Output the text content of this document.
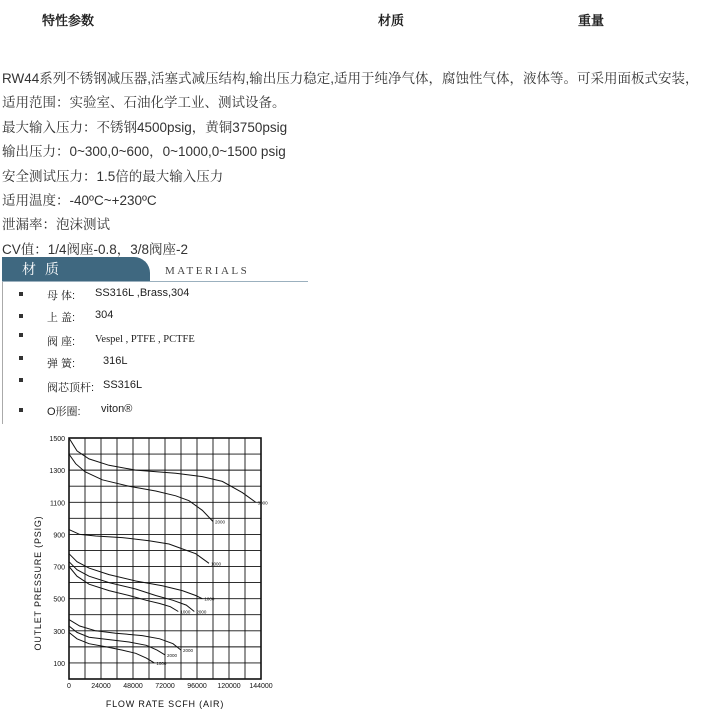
特性参数	材质	重量
RW44系列不锈钢减压器,活塞式减压结构,输出压力稳定,适用于纯净气体，腐蚀性气体，液体等。可采用面板式安装，
适用范围：实验室、石油化学工业、测试设备。
最大输入压力：不锈钢4500psig，黄铜3750psig
输出压力：0~300,0~600，0~1000,0~1500 psig
安全测试压力：1.5倍的最大输入压力
适用温度：-40ºC~+230ºC
泄漏率：泡沫测试
CV值：1/4阀座-0.8，3/8阀座-2
材质	MATERIALS
母 体: SS316L ,Brass,304
上 盖: 304
阀 座: Vespel , PTFE , PCTFE
弹 簧:	316L
阀芯顶杆: SS316L
O形圈: viton®
3000
2000
1000
1000
2000
1000
2000
2000
1000
100
300
500
700
900
1100
1300
1500
0	24000 48000 72000 96000 120000 144000
OUTLET PRESSURE (PSIG)
FLOW RATE SCFH (AIR)
